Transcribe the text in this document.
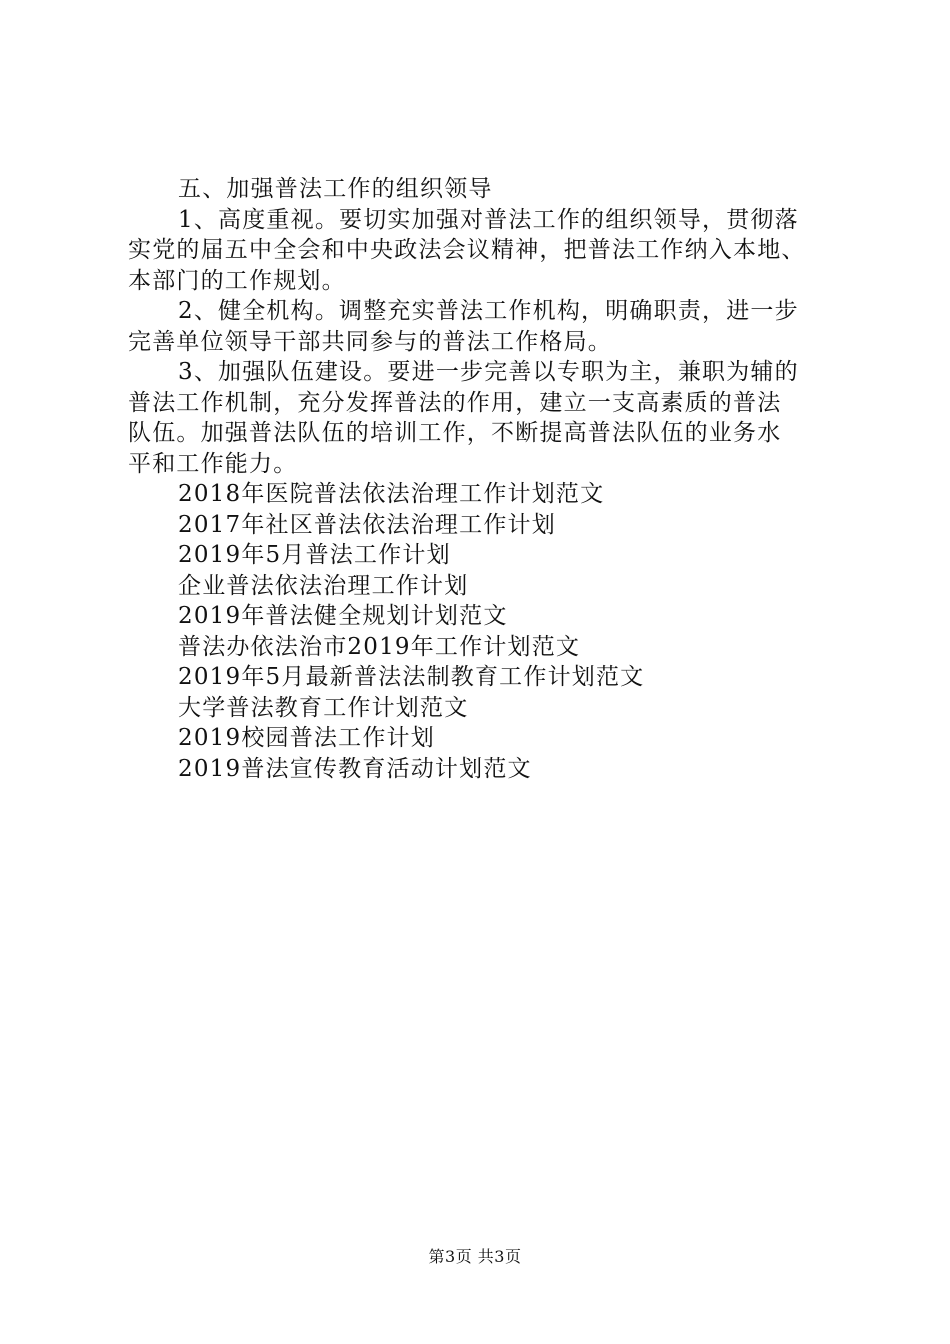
五、加强普法工作的组织领导
1、高度重视。要切实加强对普法工作的组织领导，贯彻落
实党的届五中全会和中央政法会议精神，把普法工作纳入本地、
本部门的工作规划。
2、健全机构。调整充实普法工作机构，明确职责，进一步
完善单位领导干部共同参与的普法工作格局。
3、加强队伍建设。要进一步完善以专职为主，兼职为辅的
普法工作机制，充分发挥普法的作用，建立一支高素质的普法
队伍。加强普法队伍的培训工作，不断提高普法队伍的业务水
平和工作能力。
2018年医院普法依法治理工作计划范文
2017年社区普法依法治理工作计划
2019年5月普法工作计划
企业普法依法治理工作计划
2019年普法健全规划计划范文
普法办依法治市2019年工作计划范文
2019年5月最新普法法制教育工作计划范文
大学普法教育工作计划范文
2019校园普法工作计划
2019普法宣传教育活动计划范文
第3页 共3页
